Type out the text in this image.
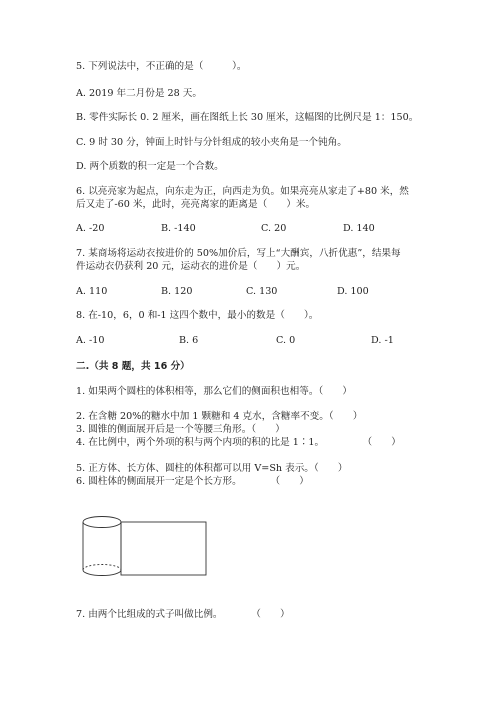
5. 下列说法中，不正确的是（　　　）。
A. 2019 年二月份是 28 天。
B. 零件实际长 0. 2 厘米，画在图纸上长 30 厘米，这幅图的比例尺是 1：150。
C. 9 时 30 分，钟面上时针与分针组成的较小夹角是一个钝角。
D. 两个质数的积一定是一个合数。
6. 以亮亮家为起点，向东走为正，向西走为负。如果亮亮从家走了+80 米，然
后又走了-60 米，此时，亮亮离家的距离是（　　）米。
A. -20	B. -140	C. 20	D. 140
7. 某商场将运动衣按进价的 50%加价后，写上“大酬宾，八折优惠”，结果每
件运动衣仍获利 20 元，运动衣的进价是（　　）元。
A. 110	B. 120	C. 130	D. 100
8. 在-10，6，0 和-1 这四个数中，最小的数是（　　）。
A. -10	B. 6	C. 0	D. -1
二.（共 8 题，共 16 分）
1. 如果两个圆柱的体积相等，那么它们的侧面积也相等。（　　）
2. 在含糖 20%的糖水中加 1 颗糖和 4 克水，含糖率不变。（　　）
3. 圆锥的侧面展开后是一个等腰三角形。（　　）
4. 在比例中，两个外项的积与两个内项的积的比是 1∶1。　　　　　（　　）
5. 正方体、长方体、圆柱的体积都可以用 V=Sh 表示。（　　）
6. 圆柱体的侧面展开一定是个长方形。　　　　（　　）
7. 由两个比组成的式子叫做比例。　　　　（　　）
